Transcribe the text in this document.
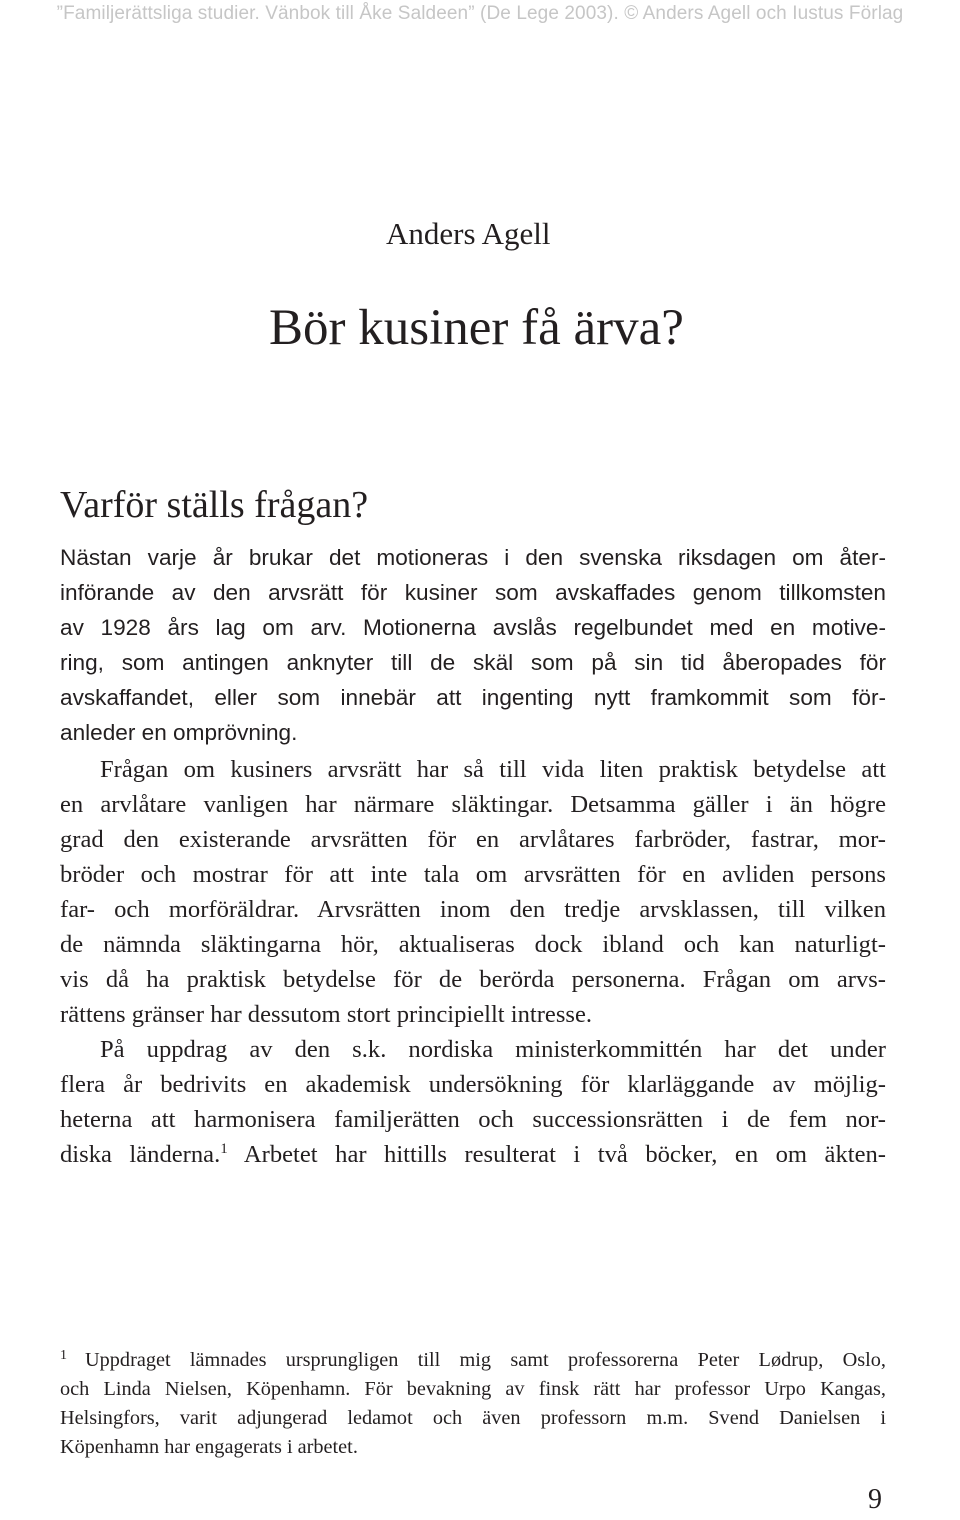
”Familjerättsliga studier. Vänbok till Åke Saldeen” (De Lege 2003). © Anders Agell och Iustus Förlag
Anders Agell
Bör kusiner få ärva?
Varför ställs frågan?
Nästan varje år brukar det motioneras i den svenska riksdagen om åter-
införande av den arvsrätt för kusiner som avskaffades genom tillkomsten
av 1928 års lag om arv. Motionerna avslås regelbundet med en motive-
ring, som antingen anknyter till de skäl som på sin tid åberopades för
avskaffandet, eller som innebär att ingenting nytt framkommit som för-
anleder en omprövning.
Frågan om kusiners arvsrätt har så till vida liten praktisk betydelse att
en arvlåtare vanligen har närmare släktingar. Detsamma gäller i än högre
grad den existerande arvsrätten för en arvlåtares farbröder, fastrar, mor-
bröder och mostrar för att inte tala om arvsrätten för en avliden persons
far- och morföräldrar. Arvsrätten inom den tredje arvsklassen, till vilken
de nämnda släktingarna hör, aktualiseras dock ibland och kan naturligt-
vis då ha praktisk betydelse för de berörda personerna. Frågan om arvs-
rättens gränser har dessutom stort principiellt intresse.
På uppdrag av den s.k. nordiska ministerkommittén har det under
flera år bedrivits en akademisk undersökning för klarläggande av möjlig-
heterna att harmonisera familjerätten och successionsrätten i de fem nor-
diska länderna.$^1$ Arbetet har hittills resulterat i två böcker, en om äkten-
$^1$ Uppdraget lämnades ursprungligen till mig samt professorerna Peter Lødrup, Oslo,
och Linda Nielsen, Köpenhamn. För bevakning av finsk rätt har professor Urpo Kangas,
Helsingfors, varit adjungerad ledamot och även professorn m.m. Svend Danielsen i
Köpenhamn har engagerats i arbetet.
9
